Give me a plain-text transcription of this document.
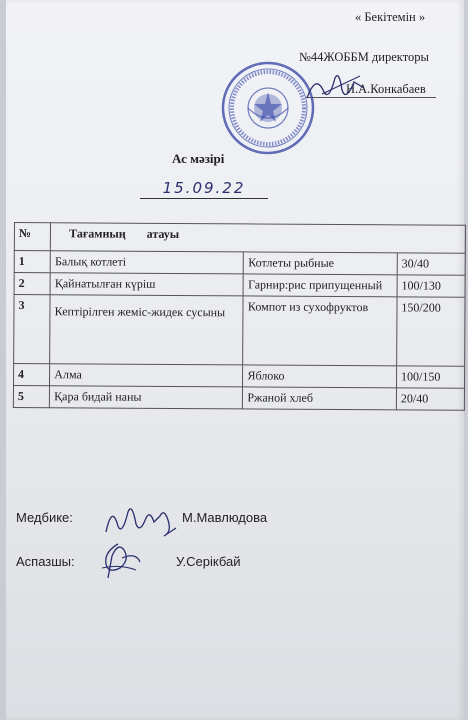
« Бекітемін »
№44ЖОББМ директоры
Н.А.Конкабаев
Ас мәзірі
15.09.22
№	Тағамның       атауы		
1	Балық котлеті	Котлеты рыбные	30/40
2	Қайнатылған күріш	Гарнир:рис припущенный	100/130
3	Кептірілген жеміс-жидек сусыны	Компот из сухофруктов	150/200
4	Алма	Яблоко	100/150
5	Қара бидай наны	Ржаной хлеб	20/40
Медбике:	М.Мавлюдова
Аспазшы:	У.Серікбай
